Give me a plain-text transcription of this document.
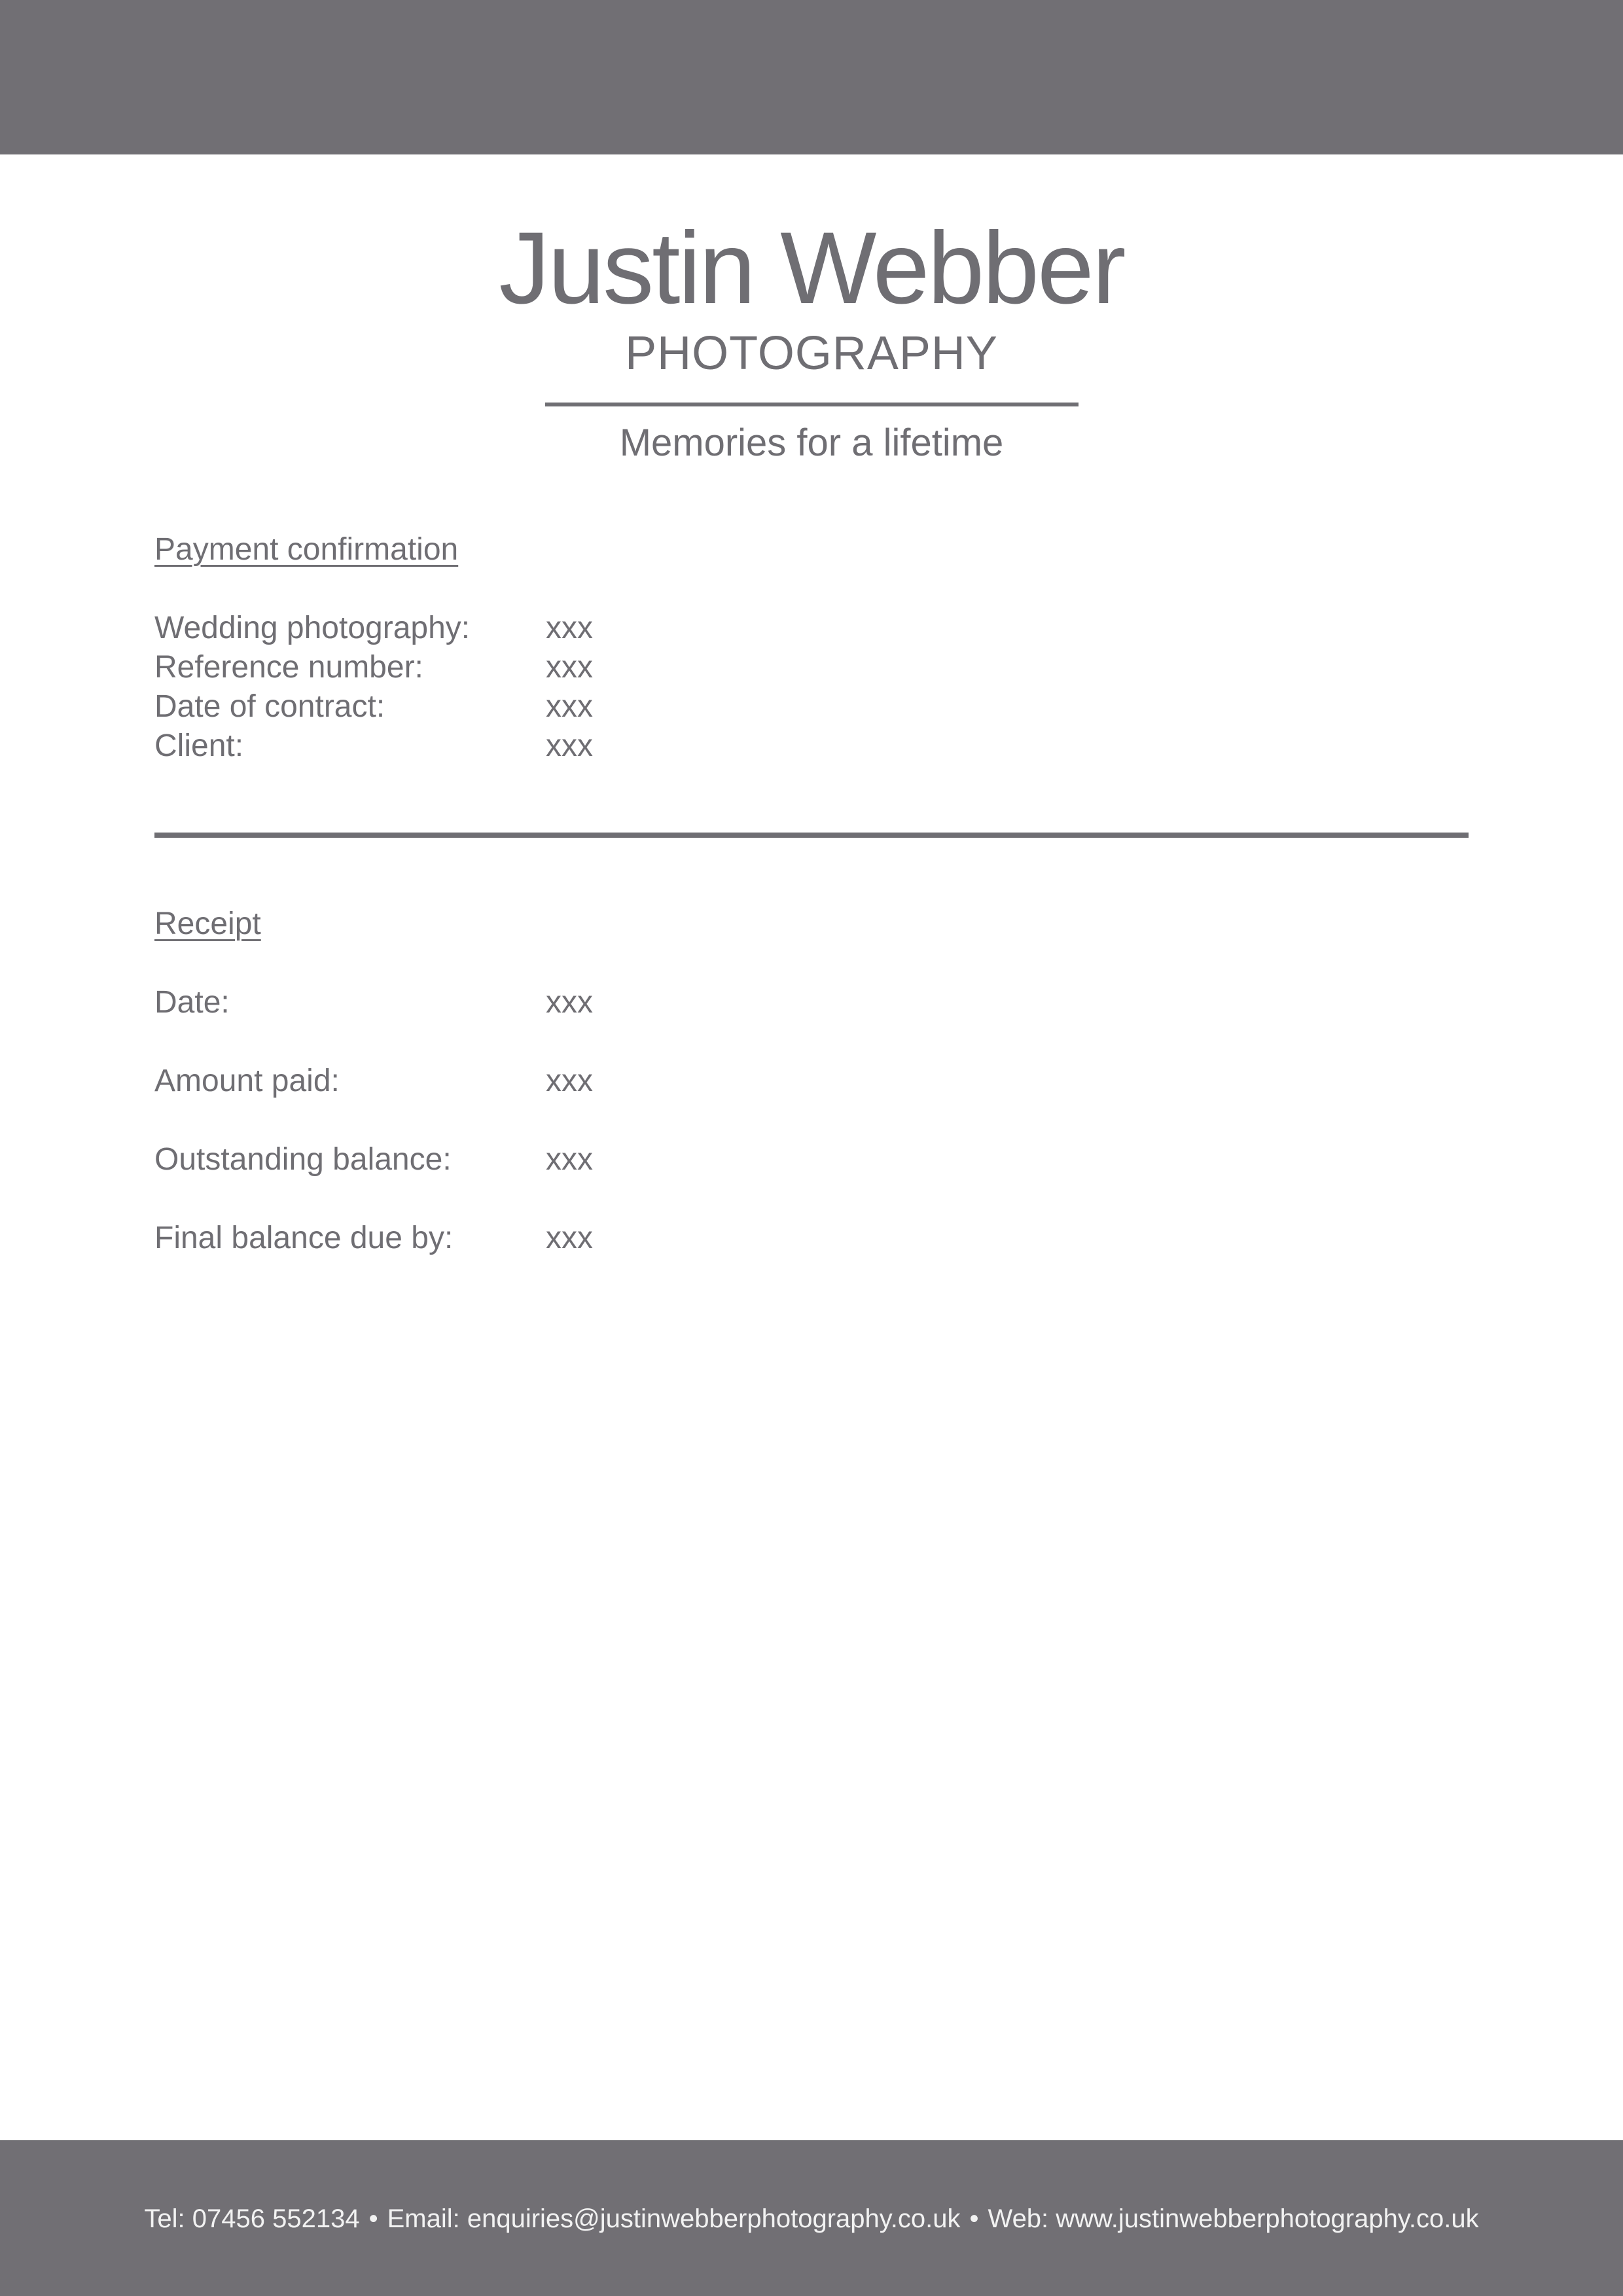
Justin Webber
PHOTOGRAPHY
Memories for a lifetime
Payment confirmation
Wedding photography: xxx
Reference number:	xxx
Date of contract:	xxx
Client:	xxx
Receipt
Date:	xxx
Amount paid:	xxx
Outstanding balance:	xxx
Final balance due by:	xxx
Tel: 07456 552134 • Email: enquiries@justinwebberphotography.co.uk • Web: www.justinwebberphotography.co.uk
